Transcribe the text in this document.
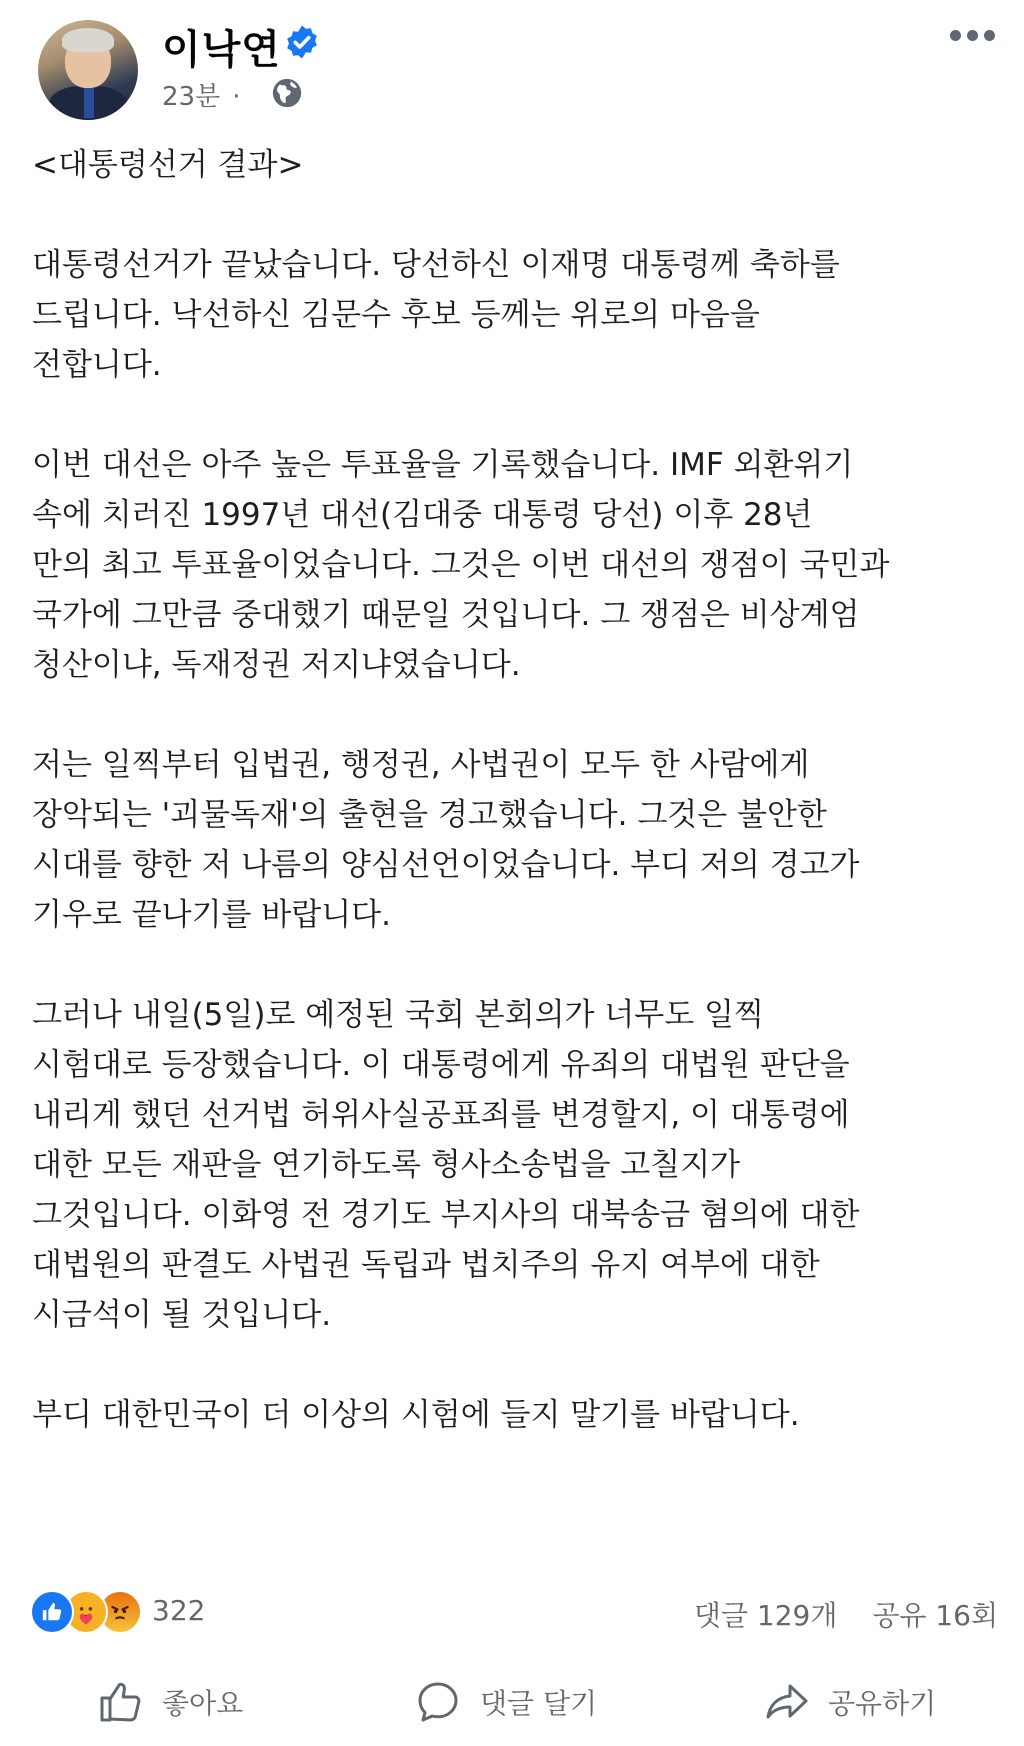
이낙연
23분 ·

<대통령선거 결과>

대통령선거가 끝났습니다. 당선하신 이재명 대통령께 축하를
드립니다. 낙선하신 김문수 후보 등께는 위로의 마음을
전합니다.

이번 대선은 아주 높은 투표율을 기록했습니다. IMF 외환위기
속에 치러진 1997년 대선(김대중 대통령 당선) 이후 28년
만의 최고 투표율이었습니다. 그것은 이번 대선의 쟁점이 국민과
국가에 그만큼 중대했기 때문일 것입니다. 그 쟁점은 비상계엄
청산이냐, 독재정권 저지냐였습니다.

저는 일찍부터 입법권, 행정권, 사법권이 모두 한 사람에게
장악되는 '괴물독재'의 출현을 경고했습니다. 그것은 불안한
시대를 향한 저 나름의 양심선언이었습니다. 부디 저의 경고가
기우로 끝나기를 바랍니다.

그러나 내일(5일)로 예정된 국회 본회의가 너무도 일찍
시험대로 등장했습니다. 이 대통령에게 유죄의 대법원 판단을
내리게 했던 선거법 허위사실공표죄를 변경할지, 이 대통령에
대한 모든 재판을 연기하도록 형사소송법을 고칠지가
그것입니다. 이화영 전 경기도 부지사의 대북송금 혐의에 대한
대법원의 판결도 사법권 독립과 법치주의 유지 여부에 대한
시금석이 될 것입니다.

부디 대한민국이 더 이상의 시험에 들지 말기를 바랍니다.

322	댓글 129개 공유 16회
좋아요	댓글 달기	공유하기
